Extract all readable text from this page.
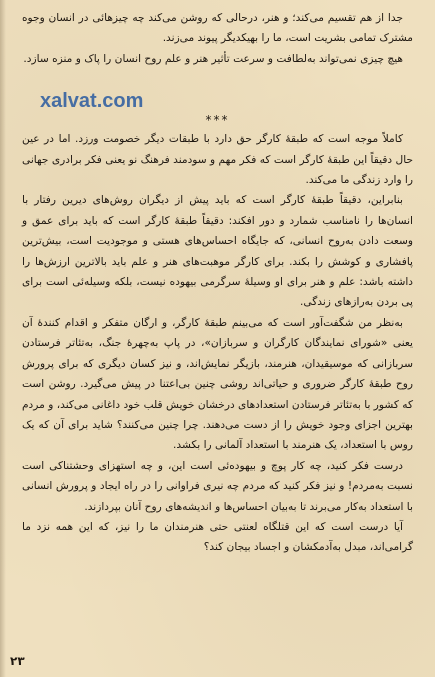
جدا از هم تقسیم می‌کند؛ و هنر، درحالی که روشن می‌کند چه چیزهائی در انسان وجوه مشترک تمامی بشریت است، ما را بهیکدیگر پیوند می‌زند.

هیچ چیزی نمی‌تواند به‌لطافت و سرعت تأثیر هنر و علم روح انسان را پاک و منزه سازد.

***

کاملاً موجه است که طبقهٔ کارگر حق دارد با طبقات دیگر خصومت ورزد. اما در عین حال دقیقاً این طبقهٔ کارگر است که فکر مهم و سودمند فرهنگ نو یعنی فکر برادری جهانی را وارد زندگی ما می‌کند.

بنابراین، دقیقاً طبقهٔ کارگر است که باید پیش از دیگران روش‌های دیرین رفتار با انسان‌ها را نامناسب شمارد و دور افکند: دقیقاً طبقهٔ کارگر است که باید برای عمق و وسعت دادن به‌روح انسانی، که جایگاه احساس‌های هستی و موجودیت است، بیش‌ترین پافشاری و کوشش را بکند. برای کارگر موهبت‌های هنر و علم باید بالاترین ارزش‌ها را داشته باشد: علم و هنر برای او وسیلهٔ سرگرمی بیهوده نیست، بلکه وسیله‌ئی است برای پی بردن به‌رازهای زندگی.

به‌نظر من شگفت‌آور است که می‌بینم طبقهٔ کارگر، و ارگان متفکر و اقدام کنندهٔ آن یعنی «شورای نمایندگان کارگران و سربازان»، در پاپ به‌چهرهٔ جنگ، به‌تئاتر فرستادن سربازانی که موسیقیدان، هنرمند، بازیگر نمایش‌اند، و نیز کسان دیگری که برای پرورش روح طبقهٔ کارگر ضروری و حیاتی‌اند روشی چنین بی‌اعتنا در پیش می‌گیرد. روشن است که کشور با به‌تئاتر فرستادن استعدادهای درخشان خویش قلب خود داغانی می‌کند، و مردم بهترین اجزای وجود خویش را از دست می‌دهند. چرا چنین می‌کنند؟ شاید برای آن که یک روس با استعداد، یک هنرمند با استعداد آلمانی را بکشد.

درست فکر کنید، چه کار پوچ و بیهوده‌ئی است این، و چه استهزای وحشتناکی است نسبت به‌مردم! و نیز فکر کنید که مردم چه نیری فراوانی را در راه ایجاد و پرورش انسانی با استعداد به‌کار می‌برند تا به‌بیان احساس‌ها و اندیشه‌های روح آنان بپردازند.

آیا درست است که این قتلگاه لعنتی حتی هنرمندان ما را نیز، که این همه نزد ما گرامی‌اند، مبدل به‌آدمکشان و اجساد بیجان کند؟

xalvat.com
۲۳
